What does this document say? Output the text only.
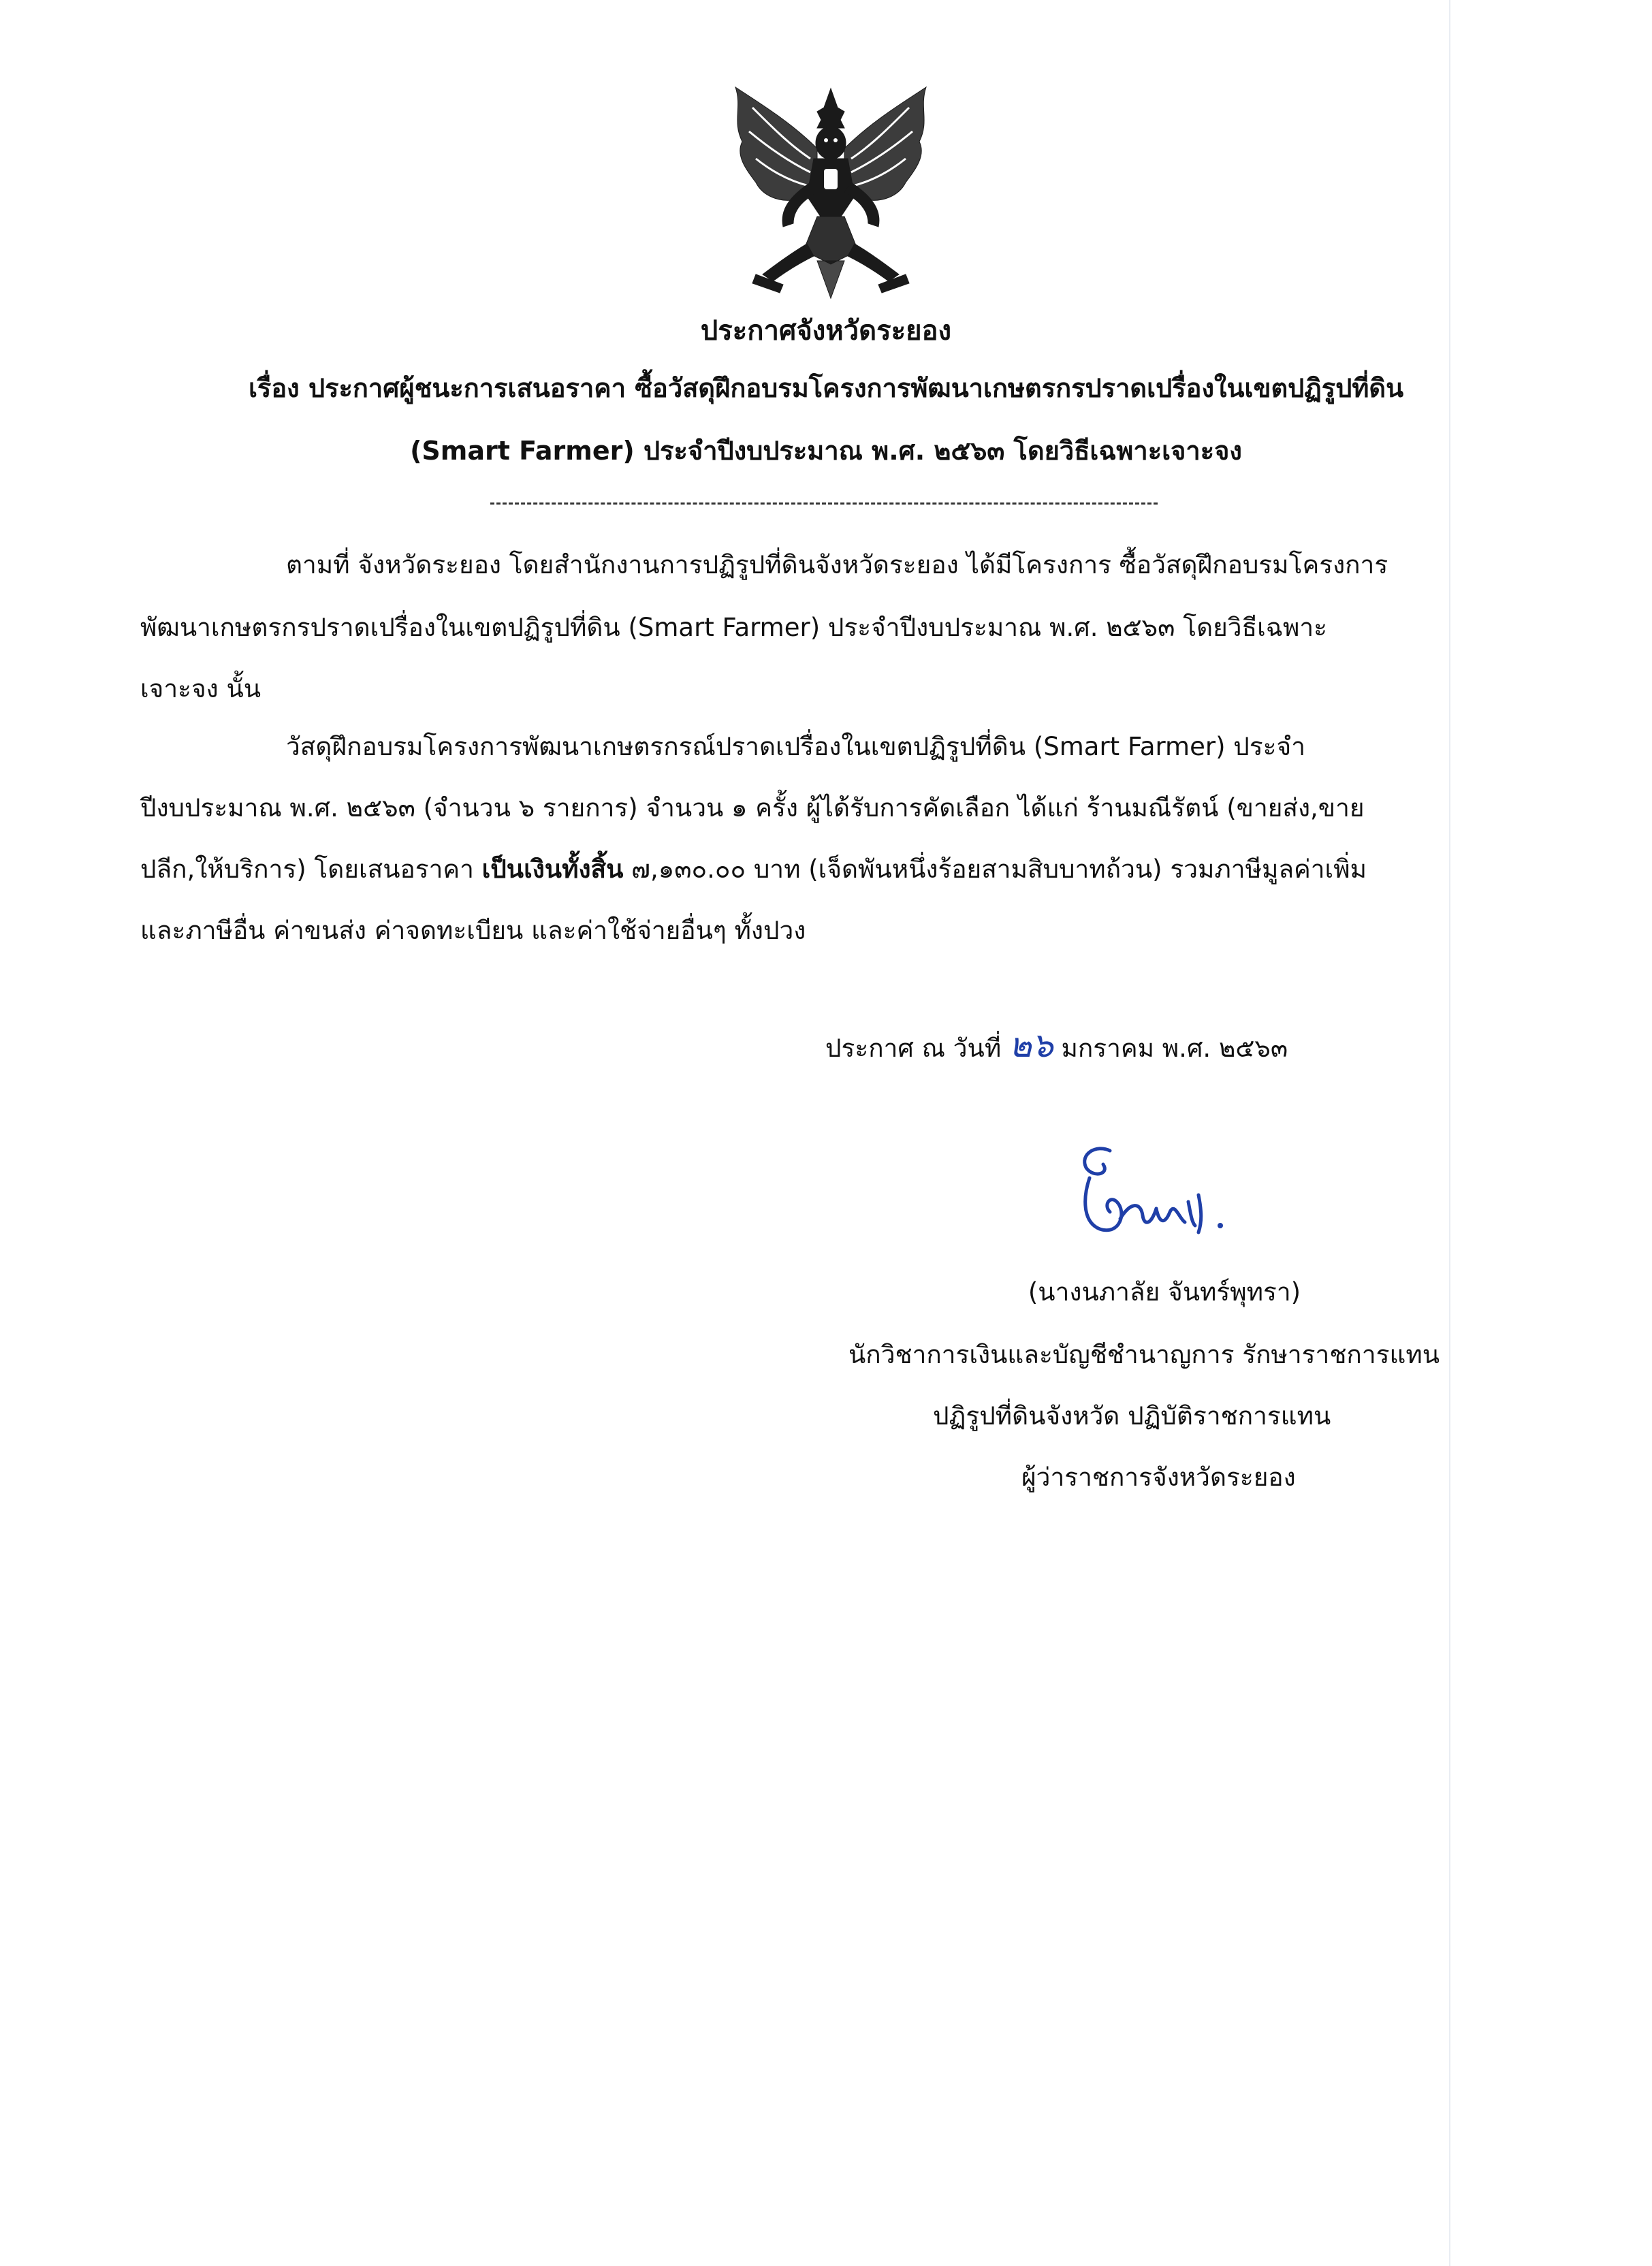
ประกาศจังหวัดระยอง
เรื่อง ประกาศผู้ชนะการเสนอราคา ซื้อวัสดุฝึกอบรมโครงการพัฒนาเกษตรกรปราดเปรื่องในเขตปฏิรูปที่ดิน
(Smart Farmer) ประจำปีงบประมาณ พ.ศ. ๒๕๖๓ โดยวิธีเฉพาะเจาะจง
ตามที่ จังหวัดระยอง โดยสำนักงานการปฏิรูปที่ดินจังหวัดระยอง ได้มีโครงการ ซื้อวัสดุฝึกอบรมโครงการ
พัฒนาเกษตรกรปราดเปรื่องในเขตปฏิรูปที่ดิน (Smart Farmer) ประจำปีงบประมาณ พ.ศ. ๒๕๖๓ โดยวิธีเฉพาะ
เจาะจง นั้น
วัสดุฝึกอบรมโครงการพัฒนาเกษตรกรณ์ปราดเปรื่องในเขตปฏิรูปที่ดิน (Smart Farmer) ประจำ
ปีงบประมาณ พ.ศ. ๒๕๖๓ (จำนวน ๖ รายการ) จำนวน ๑ ครั้ง ผู้ได้รับการคัดเลือก ได้แก่ ร้านมณีรัตน์ (ขายส่ง,ขาย
ปลีก,ให้บริการ) โดยเสนอราคา เป็นเงินทั้งสิ้น ๗,๑๓๐.๐๐ บาท (เจ็ดพันหนึ่งร้อยสามสิบบาทถ้วน) รวมภาษีมูลค่าเพิ่ม
และภาษีอื่น ค่าขนส่ง ค่าจดทะเบียน และค่าใช้จ่ายอื่นๆ ทั้งปวง
ประกาศ ณ วันที่ ๒๖ มกราคม พ.ศ. ๒๕๖๓
(นางนภาลัย จันทร์พุทรา)
นักวิชาการเงินและบัญชีชำนาญการ รักษาราชการแทน
ปฏิรูปที่ดินจังหวัด ปฏิบัติราชการแทน
ผู้ว่าราชการจังหวัดระยอง
